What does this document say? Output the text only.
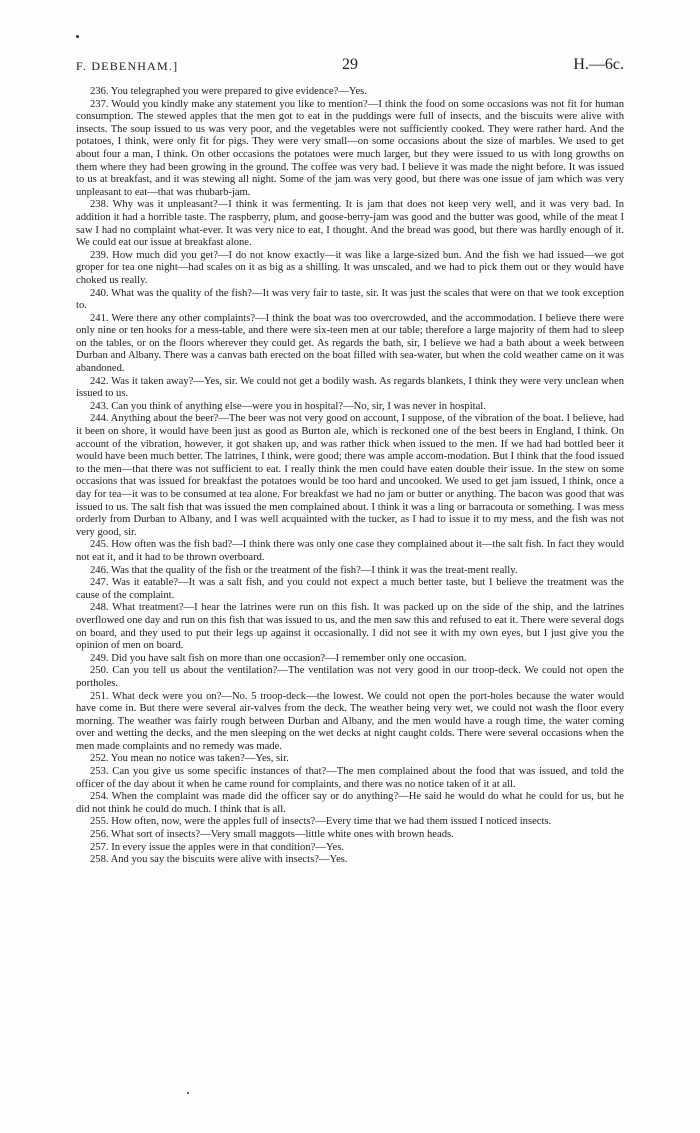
F. DEBENHAM.]	29	H.—6c.

236. You telegraphed you were prepared to give evidence?—Yes.

237. Would you kindly make any statement you like to mention?—I think the food on some occasions was not fit for human consumption. The stewed apples that the men got to eat in the puddings were full of insects, and the biscuits were alive with insects. The soup issued to us was very poor, and the vegetables were not sufficiently cooked. They were rather hard. And the potatoes, I think, were only fit for pigs. They were very small—on some occasions about the size of marbles. We used to get about four a man, I think. On other occasions the potatoes were much larger, but they were issued to us with long growths on them where they had been growing in the ground. The coffee was very bad. I believe it was made the night before. It was issued to us at breakfast, and it was stewing all night. Some of the jam was very good, but there was one issue of jam which was very unpleasant to eat—that was rhubarb-jam.

238. Why was it unpleasant?—I think it was fermenting. It is jam that does not keep very well, and it was very bad. In addition it had a horrible taste. The raspberry, plum, and goose-berry-jam was good and the butter was good, while of the meat I saw I had no complaint what-ever. It was very nice to eat, I thought. And the bread was good, but there was hardly enough of it. We could eat our issue at breakfast alone.

239. How much did you get?—I do not know exactly—it was like a large-sized bun. And the fish we had issued—we got groper for tea one night—had scales on it as big as a shilling. It was unscaled, and we had to pick them out or they would have choked us really.

240. What was the quality of the fish?—It was very fair to taste, sir. It was just the scales that were on that we took exception to.

241. Were there any other complaints?—I think the boat was too overcrowded, and the accommodation. I believe there were only nine or ten hooks for a mess-table, and there were six-teen men at our table; therefore a large majority of them had to sleep on the tables, or on the floors wherever they could get. As regards the bath, sir, I believe we had a bath about a week between Durban and Albany. There was a canvas bath erected on the boat filled with sea-water, but when the cold weather came on it was abandoned.

242. Was it taken away?—Yes, sir. We could not get a bodily wash. As regards blankets, I think they were very unclean when issued to us.

243. Can you think of anything else—were you in hospital?—No, sir, I was never in hospital.

244. Anything about the beer?—The beer was not very good on account, I suppose, of the vibration of the boat. I believe, had it been on shore, it would have been just as good as Burton ale, which is reckoned one of the best beers in England, I think. On account of the vibration, however, it got shaken up, and was rather thick when issued to the men. If we had had bottled beer it would have been much better. The latrines, I think, were good; there was ample accom-modation. But I think that the food issued to the men—that there was not sufficient to eat. I really think the men could have eaten double their issue. In the stew on some occasions that was issued for breakfast the potatoes would be too hard and uncooked. We used to get jam issued, I think, once a day for tea—it was to be consumed at tea alone. For breakfast we had no jam or butter or anything. The bacon was good that was issued to us. The salt fish that was issued the men complained about. I think it was a ling or barracouta or something. I was mess orderly from Durban to Albany, and I was well acquainted with the tucker, as I had to issue it to my mess, and the fish was not very good, sir.

245. How often was the fish bad?—I think there was only one case they complained about it—the salt fish. In fact they would not eat it, and it had to be thrown overboard.

246. Was that the quality of the fish or the treatment of the fish?—I think it was the treat-ment really.

247. Was it eatable?—It was a salt fish, and you could not expect a much better taste, but I believe the treatment was the cause of the complaint.

248. What treatment?—I hear the latrines were run on this fish. It was packed up on the side of the ship, and the latrines overflowed one day and run on this fish that was issued to us, and the men saw this and refused to eat it. There were several dogs on board, and they used to put their legs up against it occasionally. I did not see it with my own eyes, but I just give you the opinion of men on board.

249. Did you have salt fish on more than one occasion?—I remember only one occasion.

250. Can you tell us about the ventilation?—The ventilation was not very good in our troop-deck. We could not open the portholes.

251. What deck were you on?—No. 5 troop-deck—the lowest. We could not open the port-holes because the water would have come in. But there were several air-valves from the deck. The weather being very wet, we could not wash the floor every morning. The weather was fairly rough between Durban and Albany, and the men would have a rough time, the water coming over and wetting the decks, and the men sleeping on the wet decks at night caught colds. There were several occasions when the men made complaints and no remedy was made.

252. You mean no notice was taken?—Yes, sir.

253. Can you give us some specific instances of that?—The men complained about the food that was issued, and told the officer of the day about it when he came round for complaints, and there was no notice taken of it at all.

254. When the complaint was made did the officer say or do anything?—He said he would do what he could for us, but he did not think he could do much. I think that is all.

255. How often, now, were the apples full of insects?—Every time that we had them issued I noticed insects.

256. What sort of insects?—Very small maggots—little white ones with brown heads.

257. In every issue the apples were in that condition?—Yes.

258. And you say the biscuits were alive with insects?—Yes.
